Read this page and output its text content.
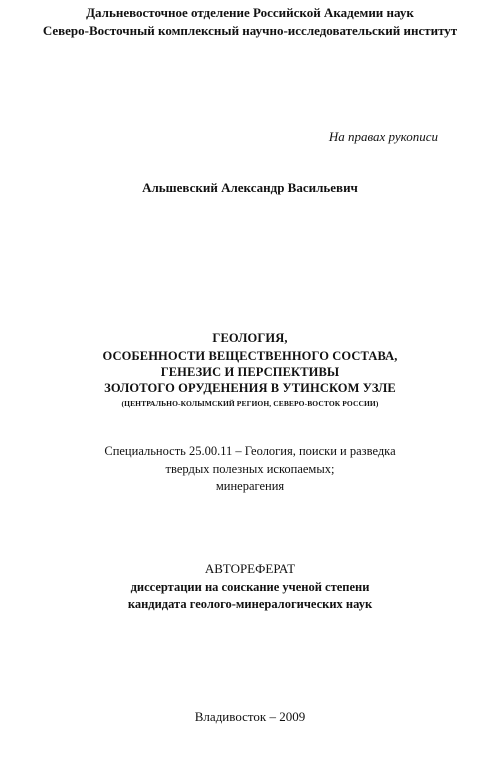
Дальневосточное отделение Российской Академии наук
Северо-Восточный комплексный научно-исследовательский институт
На правах рукописи
Альшевский Александр Васильевич
ГЕОЛОГИЯ,
ОСОБЕННОСТИ ВЕЩЕСТВЕННОГО СОСТАВА,
ГЕНЕЗИС И ПЕРСПЕКТИВЫ
ЗОЛОТОГО ОРУДЕНЕНИЯ В УТИНСКОМ УЗЛЕ
(ЦЕНТРАЛЬНО-КОЛЫМСКИЙ РЕГИОН, СЕВЕРО-ВОСТОК РОССИИ)
Специальность 25.00.11 – Геология, поиски и разведка
твердых полезных ископаемых;
минерагения
АВТОРЕФЕРАТ
диссертации на соискание ученой степени
кандидата геолого-минералогических наук
Владивосток – 2009
